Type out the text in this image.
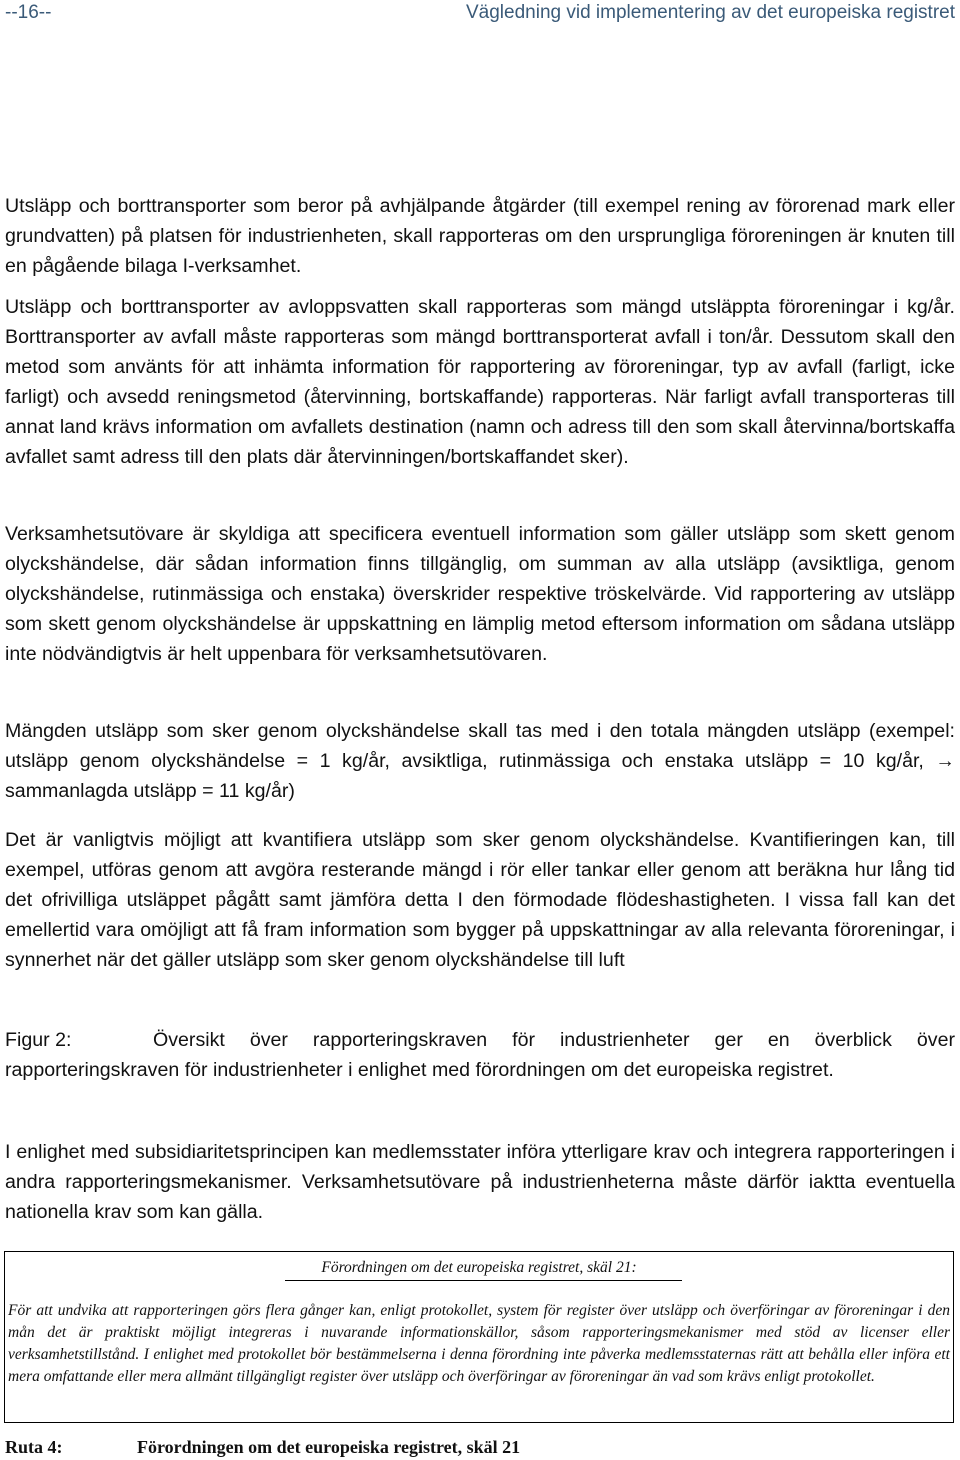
--16--	Vägledning vid implementering av det europeiska registret

Utsläpp och borttransporter som beror på avhjälpande åtgärder (till exempel rening av förorenad mark eller grundvatten) på platsen för industrienheten, skall rapporteras om den ursprungliga föroreningen är knuten till en pågående bilaga I-verksamhet.

Utsläpp och borttransporter av avloppsvatten skall rapporteras som mängd utsläppta föroreningar i kg/år. Borttransporter av avfall måste rapporteras som mängd borttransporterat avfall i ton/år. Dessutom skall den metod som använts för att inhämta information för rapportering av föroreningar, typ av avfall (farligt, icke farligt) och avsedd reningsmetod (återvinning, bortskaffande) rapporteras. När farligt avfall transporteras till annat land krävs information om avfallets destination (namn och adress till den som skall återvinna/bortskaffa avfallet samt adress till den plats där återvinningen/bortskaffandet sker).

Verksamhetsutövare är skyldiga att specificera eventuell information som gäller utsläpp som skett genom olyckshändelse, där sådan information finns tillgänglig, om summan av alla utsläpp (avsiktliga, genom olyckshändelse, rutinmässiga och enstaka) överskrider respektive tröskelvärde. Vid rapportering av utsläpp som skett genom olyckshändelse är uppskattning en lämplig metod eftersom information om sådana utsläpp inte nödvändigtvis är helt uppenbara för verksamhetsutövaren.

Mängden utsläpp som sker genom olyckshändelse skall tas med i den totala mängden utsläpp (exempel: utsläpp genom olyckshändelse = 1 kg/år, avsiktliga, rutinmässiga och enstaka utsläpp = 10 kg/år, → sammanlagda utsläpp = 11 kg/år)

Det är vanligtvis möjligt att kvantifiera utsläpp som sker genom olyckshändelse. Kvantifieringen kan, till exempel, utföras genom att avgöra resterande mängd i rör eller tankar eller genom att beräkna hur lång tid det ofrivilliga utsläppet pågått samt jämföra detta I den förmodade flödeshastigheten. I vissa fall kan det emellertid vara omöjligt att få fram information som bygger på uppskattningar av alla relevanta föroreningar, i synnerhet när det gäller utsläpp som sker genom olyckshändelse till luft

Figur 2:	Översikt över rapporteringskraven för industrienheter ger en överblick över rapporteringskraven för industrienheter i enlighet med förordningen om det europeiska registret.

I enlighet med subsidiaritetsprincipen kan medlemsstater införa ytterligare krav och integrera rapporteringen i andra rapporteringsmekanismer. Verksamhetsutövare på industrienheterna måste därför iaktta eventuella nationella krav som kan gälla.

Förordningen om det europeiska registret, skäl 21:

För att undvika att rapporteringen görs flera gånger kan, enligt protokollet, system för register över utsläpp och överföringar av föroreningar i den mån det är praktiskt möjligt integreras i nuvarande informationskällor, såsom rapporteringsmekanismer med stöd av licenser eller verksamhetstillstånd. I enlighet med protokollet bör bestämmelserna i denna förordning inte påverka medlemsstaternas rätt att behålla eller införa ett mera omfattande eller mera allmänt tillgängligt register över utsläpp och överföringar av föroreningar än vad som krävs enligt protokollet.

Ruta 4:	Förordningen om det europeiska registret, skäl 21
